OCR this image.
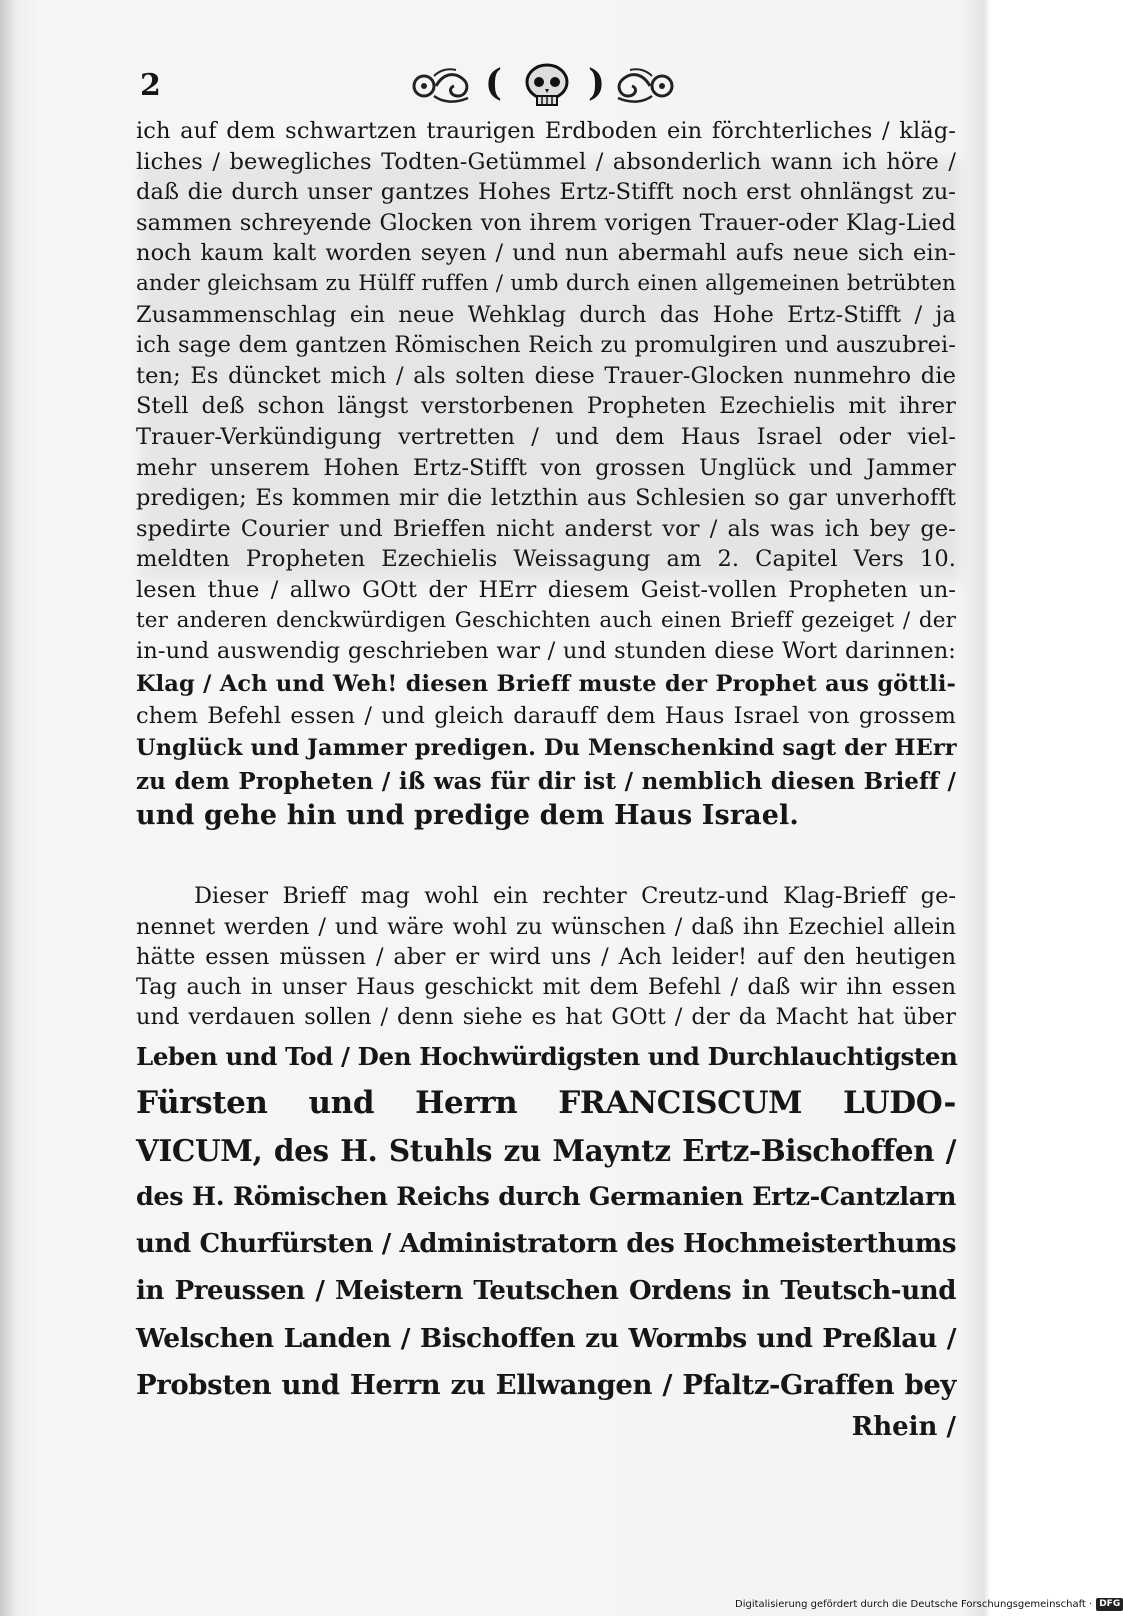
2	( )
ich auf dem schwartzen traurigen Erdboden ein förchterliches / kläg-
liches / bewegliches Todten-Getümmel / absonderlich wann ich höre /
daß die durch unser gantzes Hohes Ertz-Stifft noch erst ohnlängst zu-
sammen schreyende Glocken von ihrem vorigen Trauer-oder Klag-Lied
noch kaum kalt worden seyen / und nun abermahl aufs neue sich ein-
ander gleichsam zu Hülff ruffen / umb durch einen allgemeinen betrübten
Zusammenschlag ein neue Wehklag durch das Hohe Ertz-Stifft / ja
ich sage dem gantzen Römischen Reich zu promulgiren und auszubrei-
ten; Es düncket mich / als solten diese Trauer-Glocken nunmehro die
Stell deß schon längst verstorbenen Propheten Ezechielis mit ihrer
Trauer-Verkündigung vertretten / und dem Haus Israel oder viel-
mehr unserem Hohen Ertz-Stifft von grossen Unglück und Jammer
predigen; Es kommen mir die letzthin aus Schlesien so gar unverhofft
spedirte Courier und Brieffen nicht anderst vor / als was ich bey ge-
meldten Propheten Ezechielis Weissagung am 2. Capitel Vers 10.
lesen thue / allwo GOtt der HErr diesem Geist-vollen Propheten un-
ter anderen denckwürdigen Geschichten auch einen Brieff gezeiget / der
in-und auswendig geschrieben war / und stunden diese Wort darinnen:
Klag / Ach und Weh! diesen Brieff muste der Prophet aus göttli-
chem Befehl essen / und gleich darauff dem Haus Israel von grossem
Unglück und Jammer predigen. Du Menschenkind sagt der HErr
zu dem Propheten / iß was für dir ist / nemblich diesen Brieff /
und gehe hin und predige dem Haus Israel.
Dieser Brieff mag wohl ein rechter Creutz-und Klag-Brieff ge-
nennet werden / und wäre wohl zu wünschen / daß ihn Ezechiel allein
hätte essen müssen / aber er wird uns / Ach leider! auf den heutigen
Tag auch in unser Haus geschickt mit dem Befehl / daß wir ihn essen
und verdauen sollen / denn siehe es hat GOtt / der da Macht hat über
Leben und Tod / Den Hochwürdigsten und Durchlauchtigsten
Fürsten und Herrn FRANCISCUM LUDO-
VICUM, des H. Stuhls zu Mayntz Ertz-Bischoffen /
des H. Römischen Reichs durch Germanien Ertz-Cantzlarn
und Churfürsten / Administratorn des Hochmeisterthums
in Preussen / Meistern Teutschen Ordens in Teutsch-und
Welschen Landen / Bischoffen zu Wormbs und Preßlau /
Probsten und Herrn zu Ellwangen / Pfaltz-Graffen bey
Rhein /
Digitalisierung gefördert durch die Deutsche Forschungsgemeinschaft · DFG
